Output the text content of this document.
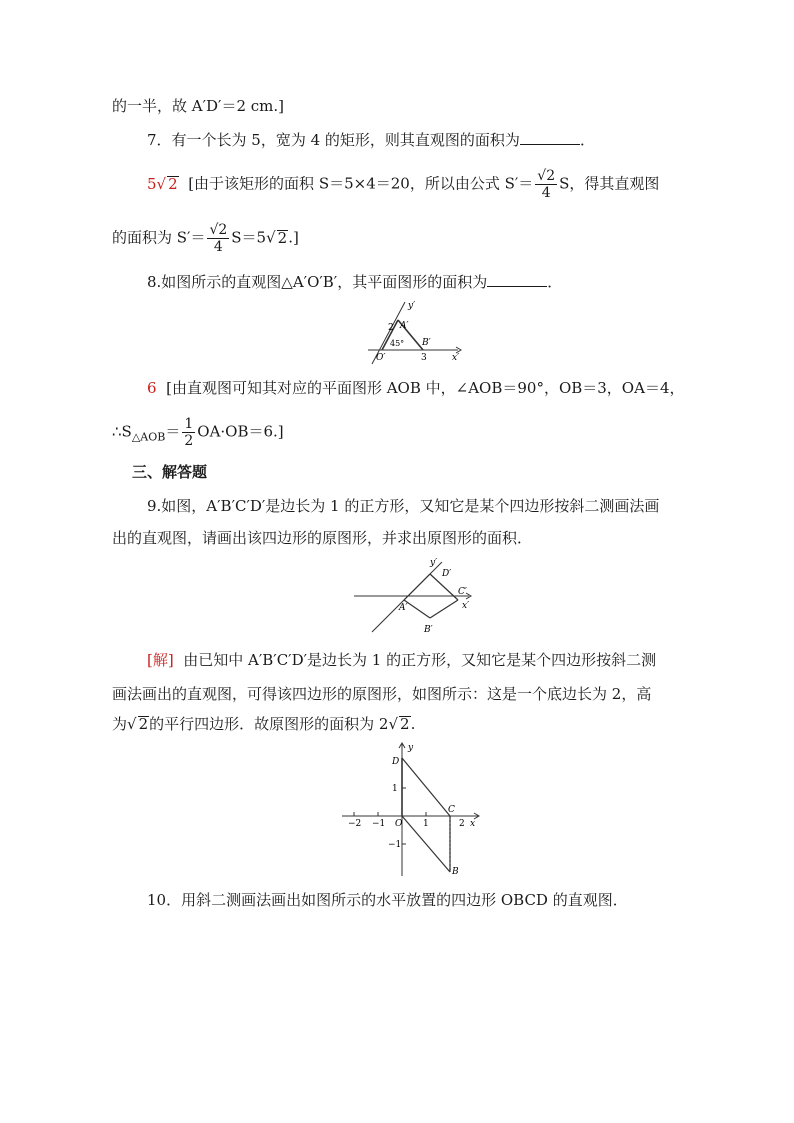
的一半，故 A′D′＝2 cm.]
7．有一个长为 5，宽为 4 的矩形，则其直观图的面积为	．
5√ 2 [由于该矩形的面积 S＝5×4＝20，所以由公式 $S'= \frac{√2}{4}$ S，得其直观图
的面积为 $S'= \frac{√2}{4} S=5√$ 2.]
8.如图所示的直观图△A′O′B′，其平面图形的面积为	．
y′
x′
A′
B′
O′
2
3
45°
6 [由直观图可知其对应的平面图形 AOB 中，∠AOB＝90°，OB＝3，OA＝4，
$\therefore S_{\triangle AOB}= \frac{1}{2} OA\cdot OB=6$.]
三、解答题
9.如图，A′B′C′D′是边长为 1 的正方形，又知它是某个四边形按斜二测画法画
出的直观图，请画出该四边形的原图形，并求出原图形的面积．
y′
x′
D′
C′
A′
B′
[解] 由已知中 A′B′C′D′是边长为 1 的正方形，又知它是某个四边形按斜二测
画法画出的直观图，可得该四边形的原图形，如图所示：这是一个底边长为 2，高
为√ 2的平行四边形．故原图形的面积为 2√ 2.
y
x
D
C
B
O
−2 −1	1	2
1
−1
10．用斜二测画法画出如图所示的水平放置的四边形 OBCD 的直观图．
